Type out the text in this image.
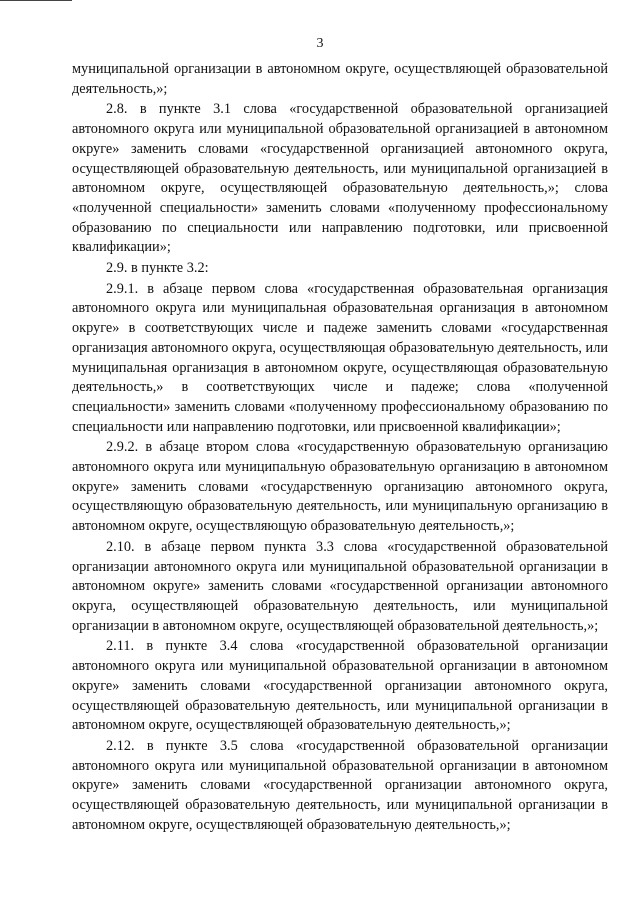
3

муниципальной организации в автономном округе, осуществляющей образовательной деятельность,»;

2.8. в пункте 3.1 слова «государственной образовательной организацией автономного округа или муниципальной образовательной организацией в автономном округе» заменить словами «государственной организацией автономного округа, осуществляющей образовательную деятельность, или муниципальной организацией в автономном округе, осуществляющей образовательную деятельность,»; слова «полученной специальности» заменить словами «полученному профессиональному образованию по специальности или направлению подготовки, или присвоенной квалификации»;

2.9. в пункте 3.2:

2.9.1. в абзаце первом слова «государственная образовательная организация автономного округа или муниципальная образовательная организация в автономном округе» в соответствующих числе и падеже заменить словами «государственная организация автономного округа, осуществляющая образовательную деятельность, или муниципальная организация в автономном округе, осуществляющая образовательную деятельность,» в соответствующих числе и падеже; слова «полученной специальности» заменить словами «полученному профессиональному образованию по специальности или направлению подготовки, или присвоенной квалификации»;

2.9.2. в абзаце втором слова «государственную образовательную организацию автономного округа или муниципальную образовательную организацию в автономном округе» заменить словами «государственную организацию автономного округа, осуществляющую образовательную деятельность, или муниципальную организацию в автономном округе, осуществляющую образовательную деятельность,»;

2.10. в абзаце первом пункта 3.3 слова «государственной образовательной организации автономного округа или муниципальной образовательной организации в автономном округе» заменить словами «государственной организации автономного округа, осуществляющей образовательную деятельность, или муниципальной организации в автономном округе, осуществляющей образовательной деятельность,»;

2.11. в пункте 3.4 слова «государственной образовательной организации автономного округа или муниципальной образовательной организации в автономном округе» заменить словами «государственной организации автономного округа, осуществляющей образовательную деятельность, или муниципальной организации в автономном округе, осуществляющей образовательную деятельность,»;

2.12. в пункте 3.5 слова «государственной образовательной организации автономного округа или муниципальной образовательной организации в автономном округе» заменить словами «государственной организации автономного округа, осуществляющей образовательную деятельность, или муниципальной организации в автономном округе, осуществляющей образовательную деятельность,»;
